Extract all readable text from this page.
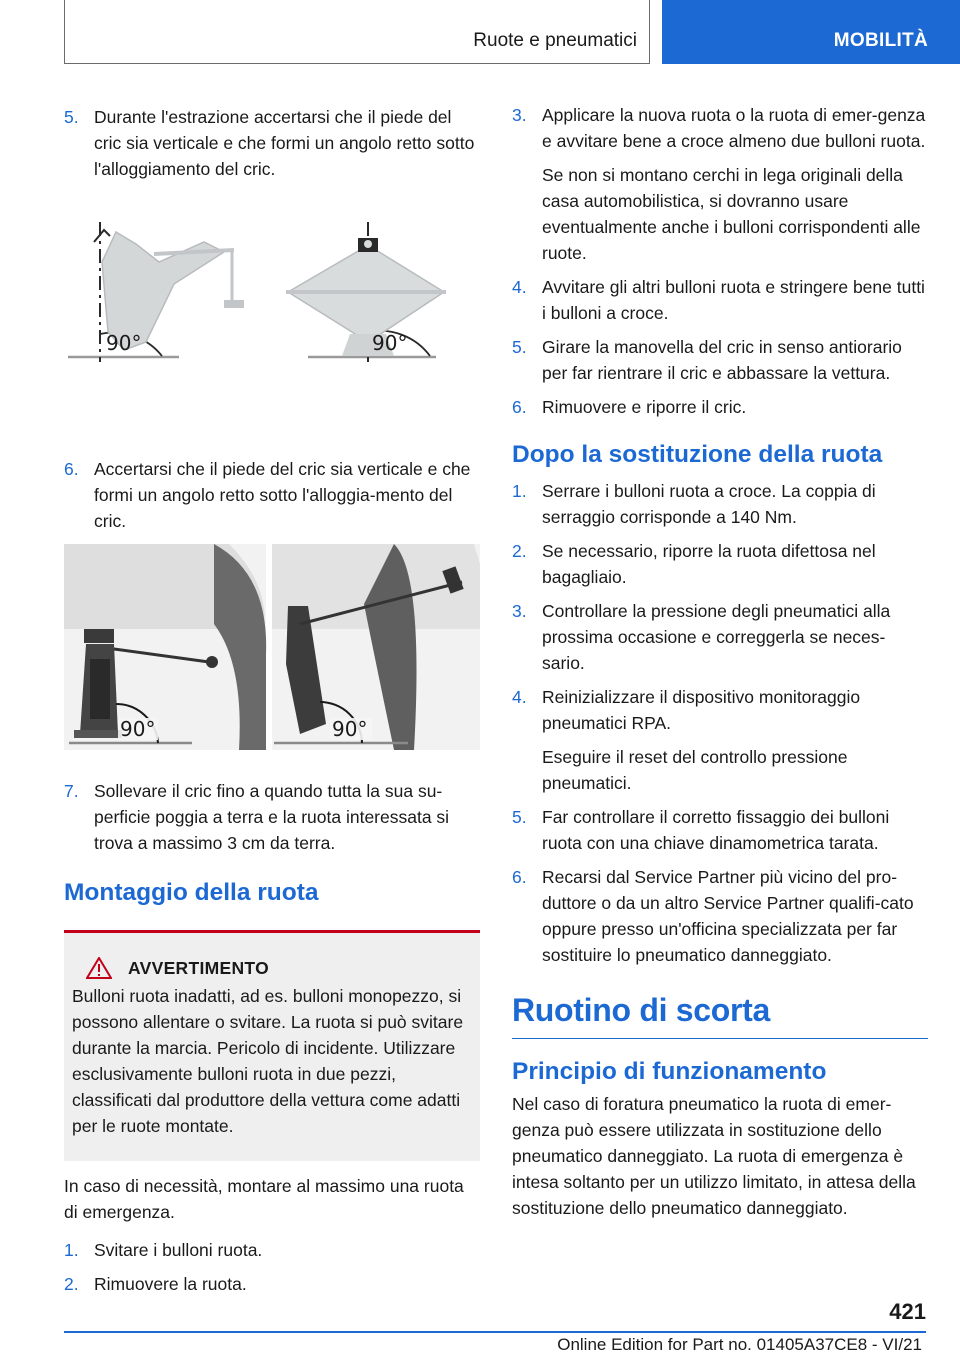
Ruote e pneumatici	MOBILITÀ
5. Durante l'estrazione accertarsi che il piede del cric sia verticale e che formi un angolo retto sotto l'alloggiamento del cric.

90°	90°
6. Accertarsi che il piede del cric sia verticale e che formi un angolo retto sotto l'alloggia-mento del cric.

90°	90°
7. Sollevare il cric fino a quando tutta la sua su-perficie poggia a terra e la ruota interessata si trova a massimo 3 cm da terra.

Montaggio della ruota
AVVERTIMENTO

Bulloni ruota inadatti, ad es. bulloni monopezzo, si possono allentare o svitare. La ruota si può svitare durante la marcia. Pericolo di incidente. Utilizzare esclusivamente bulloni ruota in due pezzi, classificati dal produttore della vettura come adatti per le ruote montate.

In caso di necessità, montare al massimo una ruota di emergenza.

1. Svitare i bulloni ruota.

2. Rimuovere la ruota.

3. Applicare la nuova ruota o la ruota di emer-genza e avvitare bene a croce almeno due bulloni ruota.

Se non si montano cerchi in lega originali della casa automobilistica, si dovranno usare eventualmente anche i bulloni corrispondenti alle ruote.

4. Avvitare gli altri bulloni ruota e stringere bene tutti i bulloni a croce.

5. Girare la manovella del cric in senso antiorario per far rientrare il cric e abbassare la vettura.

6. Rimuovere e riporre il cric.

Dopo la sostituzione della ruota
1. Serrare i bulloni ruota a croce. La coppia di serraggio corrisponde a 140 Nm.

2. Se necessario, riporre la ruota difettosa nel bagagliaio.

3. Controllare la pressione degli pneumatici alla prossima occasione e correggerla se neces-sario.

4. Reinizializzare il dispositivo monitoraggio pneumatici RPA.

Eseguire il reset del controllo pressione pneumatici.

5. Far controllare il corretto fissaggio dei bulloni ruota con una chiave dinamometrica tarata.

6. Recarsi dal Service Partner più vicino del pro-duttore o da un altro Service Partner qualifi-cato oppure presso un'officina specializzata per far sostituire lo pneumatico danneggiato.

Ruotino di scorta
Principio di funzionamento

Nel caso di foratura pneumatico la ruota di emer-genza può essere utilizzata in sostituzione dello pneumatico danneggiato. La ruota di emergenza è intesa soltanto per un utilizzo limitato, in attesa della sostituzione dello pneumatico danneggiato.

421
Online Edition for Part no. 01405A37CE8 - VI/21
